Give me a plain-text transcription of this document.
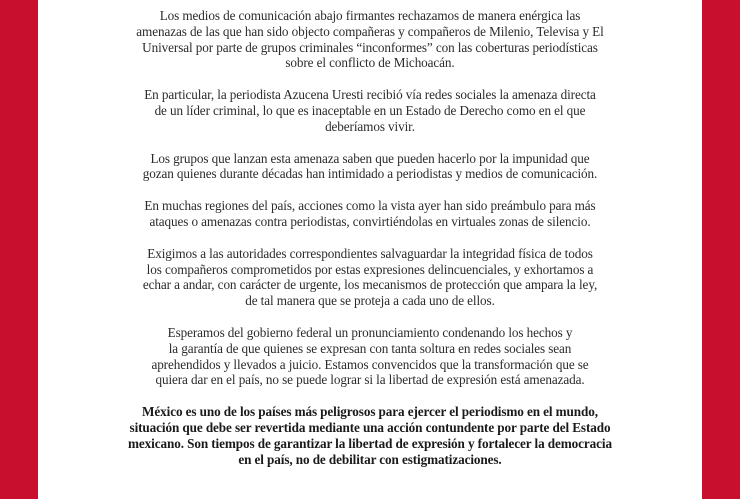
Los medios de comunicación abajo firmantes rechazamos de manera enérgica las
amenazas de las que han sido objecto compañeras y compañeros de Milenio, Televisa y El
Universal por parte de grupos criminales “inconformes” con las coberturas periodísticas
sobre el conflicto de Michoacán.

En particular, la periodista Azucena Uresti recibió vía redes sociales la amenaza directa
de un líder criminal, lo que es inaceptable en un Estado de Derecho como en el que
deberíamos vivir.

Los grupos que lanzan esta amenaza saben que pueden hacerlo por la impunidad que
gozan quienes durante décadas han intimidado a periodistas y medios de comunicación.

En muchas regiones del país, acciones como la vista ayer han sido preámbulo para más
ataques o amenazas contra periodistas, convirtiéndolas en virtuales zonas de silencio.

Exigimos a las autoridades correspondientes salvaguardar la integridad física de todos
los compañeros comprometidos por estas expresiones delincuenciales, y exhortamos a
echar a andar, con carácter de urgente, los mecanismos de protección que ampara la ley,
de tal manera que se proteja a cada uno de ellos.

Esperamos del gobierno federal un pronunciamiento condenando los hechos y
la garantía de que quienes se expresan con tanta soltura en redes sociales sean
aprehendidos y llevados a juicio. Estamos convencidos que la transformación que se
quiera dar en el país, no se puede lograr si la libertad de expresión está amenazada.

México es uno de los países más peligrosos para ejercer el periodismo en el mundo,
situación que debe ser revertida mediante una acción contundente por parte del Estado
mexicano. Son tiempos de garantizar la libertad de expresión y fortalecer la democracia
en el país, no de debilitar con estigmatizaciones.
